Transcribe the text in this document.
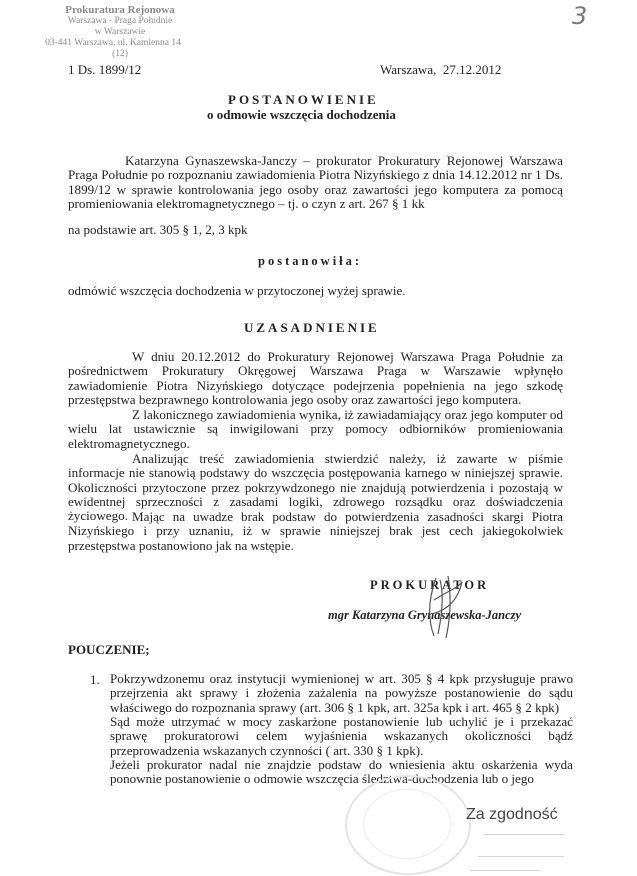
Prokuratura Rejonowa
Warszawa - Praga Południe
w Warszawie
03-441 Warszawa, ul. Kamienna 14
(12)
3
1 Ds. 1899/12	Warszawa,  27.12.2012
POSTANOWIENIE
o odmowie wszczęcia dochodzenia
Katarzyna Gynaszewska-Janczy – prokurator Prokuratury Rejonowej Warszawa Praga Południe po rozpoznaniu zawiadomienia Piotra Nizyńskiego z dnia 14.12.2012 nr 1 Ds. 1899/12 w sprawie kontrolowania jego osoby oraz zawartości jego komputera za pomocą promieniowania elektromagnetycznego – tj. o czyn z art. 267 § 1 kk
na podstawie art. 305 § 1, 2, 3 kpk
postanowiła:
odmówić wszczęcia dochodzenia w przytoczonej wyżej sprawie.
UZASADNIENIE
W dniu 20.12.2012 do Prokuratury Rejonowej Warszawa Praga Południe za pośrednictwem Prokuratury Okręgowej Warszawa Praga w Warszawie wpłynęło zawiadomienie Piotra Nizyńskiego dotyczące podejrzenia popełnienia na jego szkodę przestępstwa bezprawnego kontrolowania jego osoby oraz zawartości jego komputera.
Z lakonicznego zawiadomienia wynika, iż zawiadamiający oraz jego komputer od wielu lat ustawicznie są inwigilowani przy pomocy odbiorników promieniowania elektromagnetycznego.
Analizując treść zawiadomienia stwierdzić należy, iż zawarte w piśmie informacje nie stanowią podstawy do wszczęcia postępowania karnego w niniejszej sprawie. Okoliczności przytoczone przez pokrzywdzonego nie znajdują potwierdzenia i pozostają w ewidentnej sprzeczności z zasadami logiki, zdrowego rozsądku oraz doświadczenia życiowego. Mając na uwadze brak podstaw do potwierdzenia zasadności skargi Piotra Nizyńskiego i przy uznaniu, iż w sprawie niniejszej brak jest cech jakiegokolwiek przestępstwa postanowiono jak na wstępie.
PROKURATOR
mgr Katarzyna Grynaszewska-Janczy
POUCZENIE;
1. Pokrzywdzonemu oraz instytucji wymienionej w art. 305 § 4 kpk przysługuje prawo przejrzenia akt sprawy i złożenia zażalenia na powyższe postanowienie do sądu właściwego do rozpoznania sprawy (art. 306 § 1 kpk, art. 325a kpk i art. 465 § 2 kpk)
Sąd może utrzymać w mocy zaskarżone postanowienie lub uchylić je i przekazać sprawę prokuratorowi celem wyjaśnienia wskazanych okoliczności bądź przeprowadzenia wskazanych czynności ( art. 330 § 1 kpk).
Jeżeli prokurator nadal nie znajdzie podstaw do wniesienia aktu oskarżenia wyda ponownie postanowienie o odmowie wszczęcia śledztwa-dochodzenia lub o jego
Za zgodność
